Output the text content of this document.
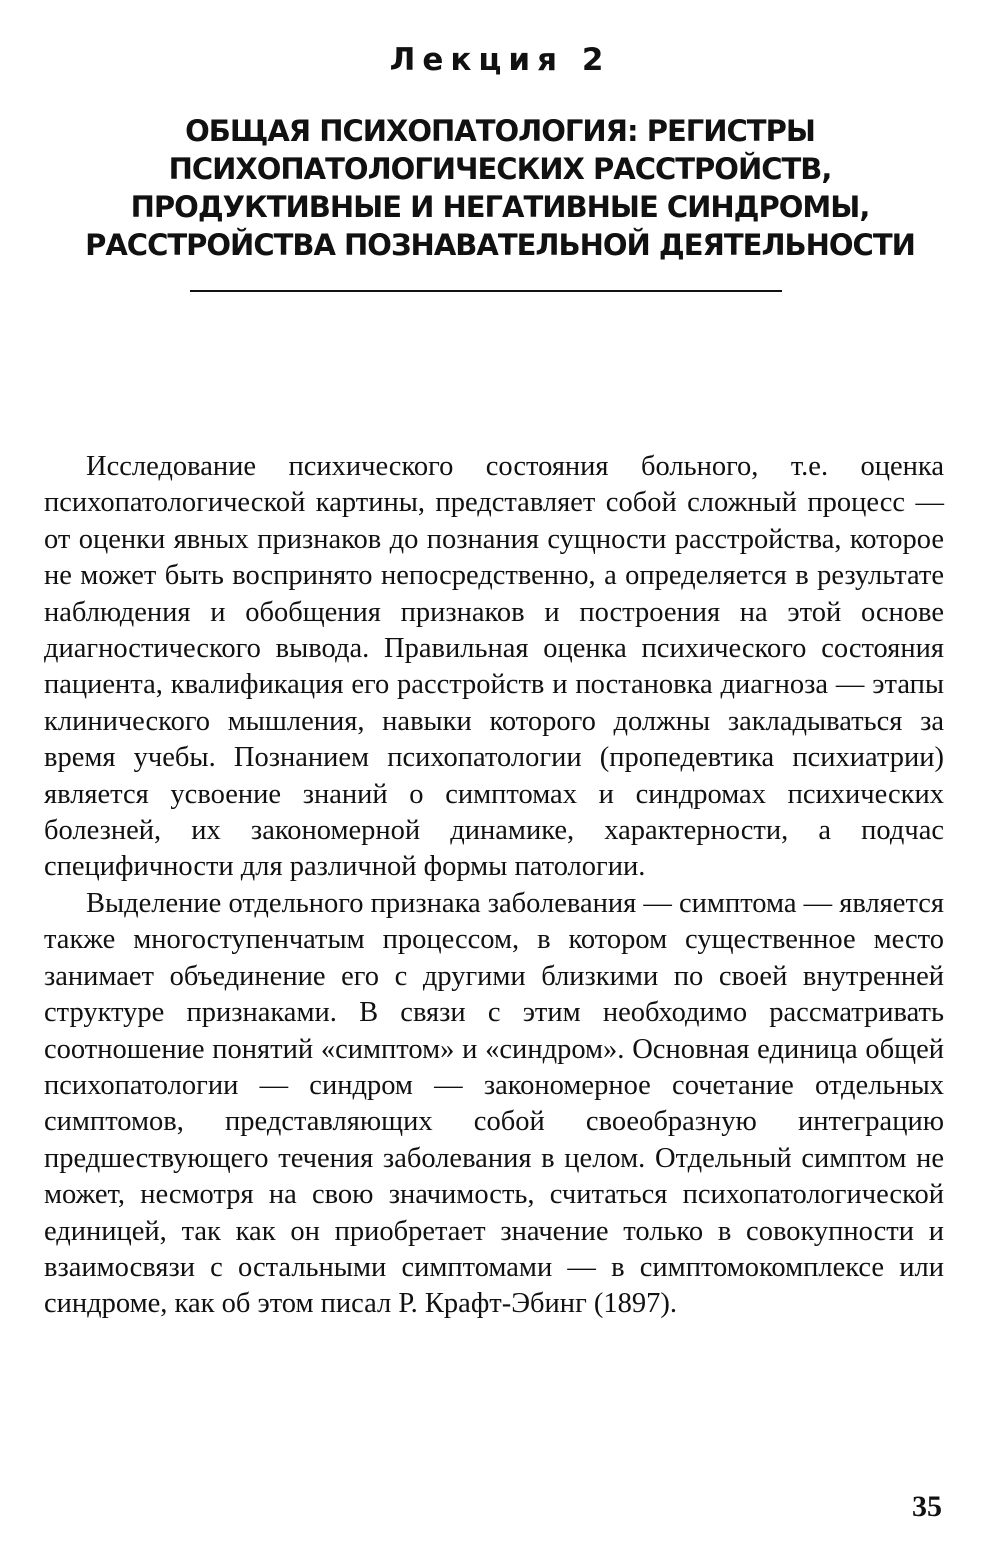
Лекция 2
ОБЩАЯ ПСИХОПАТОЛОГИЯ: РЕГИСТРЫ
ПСИХОПАТОЛОГИЧЕСКИХ РАССТРОЙСТВ,
ПРОДУКТИВНЫЕ И НЕГАТИВНЫЕ СИНДРОМЫ,
РАССТРОЙСТВА ПОЗНАВАТЕЛЬНОЙ ДЕЯТЕЛЬНОСТИ

Исследование психического состояния больного, т.е. оценка психопатологической картины, представляет собой сложный процесс — от оценки явных признаков до познания сущности расстройства, которое не может быть воспринято непосредственно, а определяется в результате наблюдения и обобщения признаков и построения на этой основе диагностического вывода. Правильная оценка психического состояния пациента, квалификация его расстройств и постановка диагноза — этапы клинического мышления, навыки которого должны закладываться за время учебы. Познанием психопатологии (пропедевтика психиатрии) является усвоение знаний о симптомах и синдромах психических болезней, их закономерной динамике, характерности, а подчас специфичности для различной формы патологии.

Выделение отдельного признака заболевания — симптома — является также многоступенчатым процессом, в котором существенное место занимает объединение его с другими близкими по своей внутренней структуре признаками. В связи с этим необходимо рассматривать соотношение понятий «симптом» и «синдром». Основная единица общей психопатологии — синдром — закономерное сочетание отдельных симптомов, представляющих собой своеобразную интеграцию предшествующего течения заболевания в целом. Отдельный симптом не может, несмотря на свою значимость, считаться психопатологической единицей, так как он приобретает значение только в совокупности и взаимосвязи с остальными симптомами — в симптомокомплексе или синдроме, как об этом писал Р. Крафт-Эбинг (1897).

35
